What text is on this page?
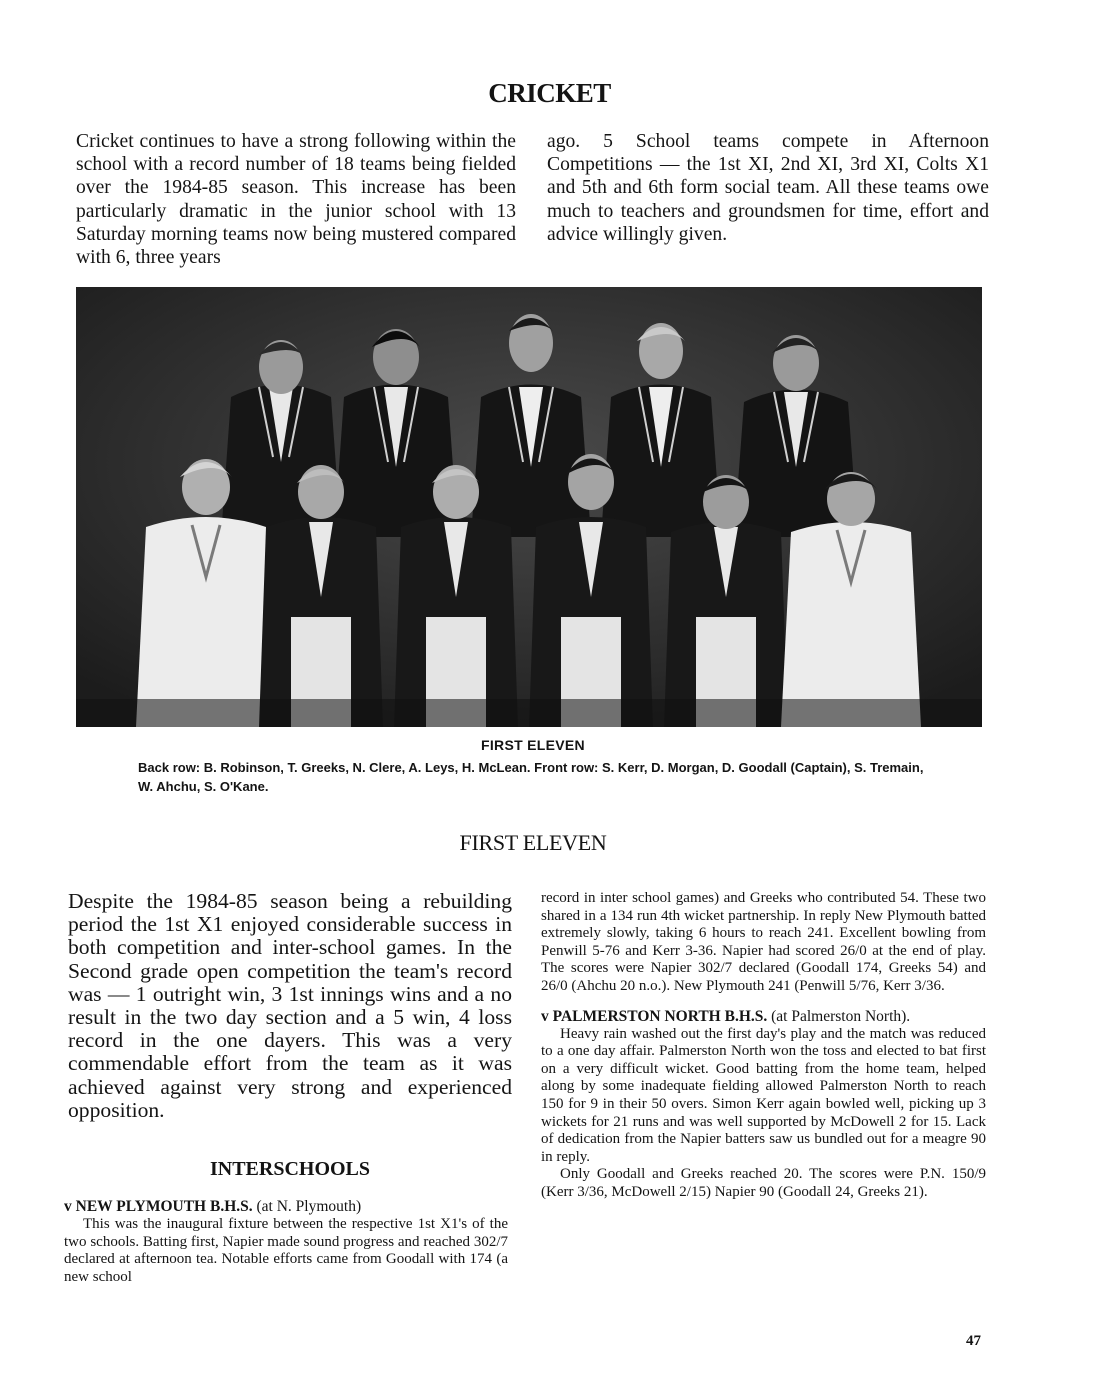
CRICKET
Cricket continues to have a strong following within the school with a record number of 18 teams being fielded over the 1984-85 season. This increase has been particularly dramatic in the junior school with 13 Saturday morning teams now being mustered compared with 6, three years
ago. 5 School teams compete in Afternoon Competitions — the 1st XI, 2nd XI, 3rd XI, Colts X1 and 5th and 6th form social team. All these teams owe much to teachers and groundsmen for time, effort and advice willingly given.
FIRST ELEVEN
Back row: B. Robinson, T. Greeks, N. Clere, A. Leys, H. McLean. Front row: S. Kerr, D. Morgan, D. Goodall (Captain), S. Tremain, W. Ahchu, S. O'Kane.
FIRST ELEVEN
Despite the 1984-85 season being a rebuilding period the 1st X1 enjoyed considerable success in both competition and inter-school games. In the Second grade open competition the team's record was — 1 outright win, 3 1st innings wins and a no result in the two day section and a 5 win, 4 loss record in the one dayers. This was a very commendable effort from the team as it was achieved against very strong and experienced opposition.
INTERSCHOOLS
v NEW PLYMOUTH B.H.S. (at N. Plymouth)

This was the inaugural fixture between the respective 1st X1's of the two schools. Batting first, Napier made sound progress and reached 302/7 declared at afternoon tea. Notable efforts came from Goodall with 174 (a new school

record in inter school games) and Greeks who contributed 54. These two shared in a 134 run 4th wicket partnership. In reply New Plymouth batted extremely slowly, taking 6 hours to reach 241. Excellent bowling from Penwill 5-76 and Kerr 3-36. Napier had scored 26/0 at the end of play. The scores were Napier 302/7 declared (Goodall 174, Greeks 54) and 26/0 (Ahchu 20 n.o.). New Plymouth 241 (Penwill 5/76, Kerr 3/36.

v PALMERSTON NORTH B.H.S. (at Palmerston North).

Heavy rain washed out the first day's play and the match was reduced to a one day affair. Palmerston North won the toss and elected to bat first on a very difficult wicket. Good batting from the home team, helped along by some inadequate fielding allowed Palmerston North to reach 150 for 9 in their 50 overs. Simon Kerr again bowled well, picking up 3 wickets for 21 runs and was well supported by McDowell 2 for 15. Lack of dedication from the Napier batters saw us bundled out for a meagre 90 in reply.

Only Goodall and Greeks reached 20. The scores were P.N. 150/9 (Kerr 3/36, McDowell 2/15) Napier 90 (Goodall 24, Greeks 21).

47
